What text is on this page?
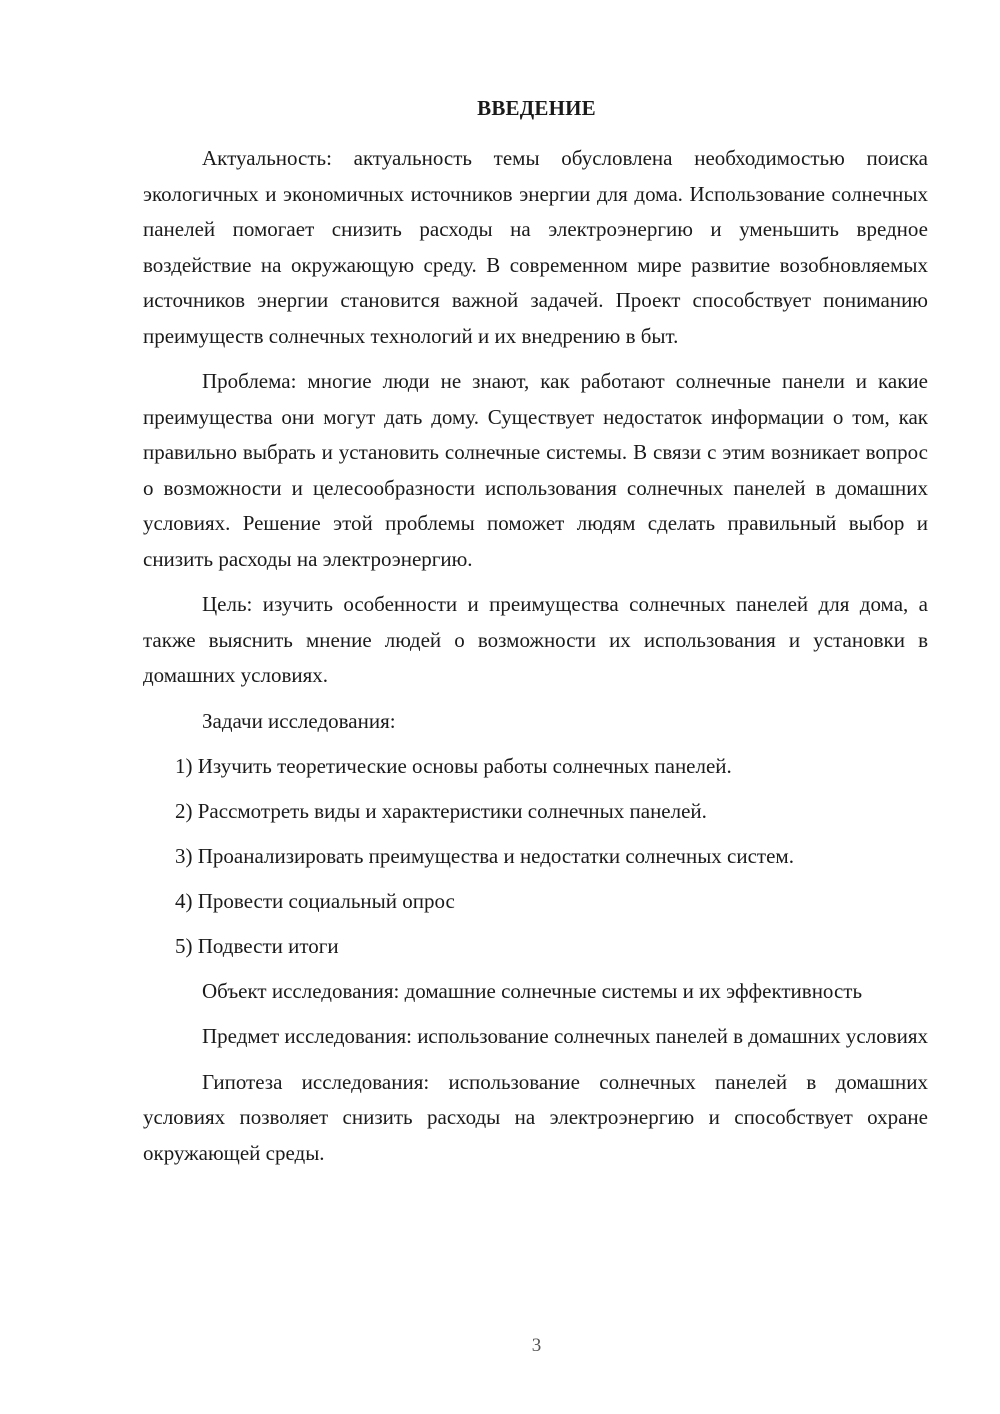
ВВЕДЕНИЕ

Актуальность: актуальность темы обусловлена необходимостью поиска экологичных и экономичных источников энергии для дома. Использование солнечных панелей помогает снизить расходы на электроэнергию и уменьшить вредное воздействие на окружающую среду. В современном мире развитие возобновляемых источников энергии становится важной задачей. Проект способствует пониманию преимуществ солнечных технологий и их внедрению в быт.

Проблема: многие люди не знают, как работают солнечные панели и какие преимущества они могут дать дому. Существует недостаток информации о том, как правильно выбрать и установить солнечные системы. В связи с этим возникает вопрос о возможности и целесообразности использования солнечных панелей в домашних условиях. Решение этой проблемы поможет людям сделать правильный выбор и снизить расходы на электроэнергию.

Цель: изучить особенности и преимущества солнечных панелей для дома, а также выяснить мнение людей о возможности их использования и установки в домашних условиях.

Задачи исследования:

1) Изучить теоретические основы работы солнечных панелей.

2) Рассмотреть виды и характеристики солнечных панелей.

3) Проанализировать преимущества и недостатки солнечных систем.

4) Провести социальный опрос

5) Подвести итоги

Объект исследования: домашние солнечные системы и их эффективность

Предмет исследования: использование солнечных панелей в домашних условиях

Гипотеза исследования: использование солнечных панелей в домашних условиях позволяет снизить расходы на электроэнергию и способствует охране окружающей среды.

3
